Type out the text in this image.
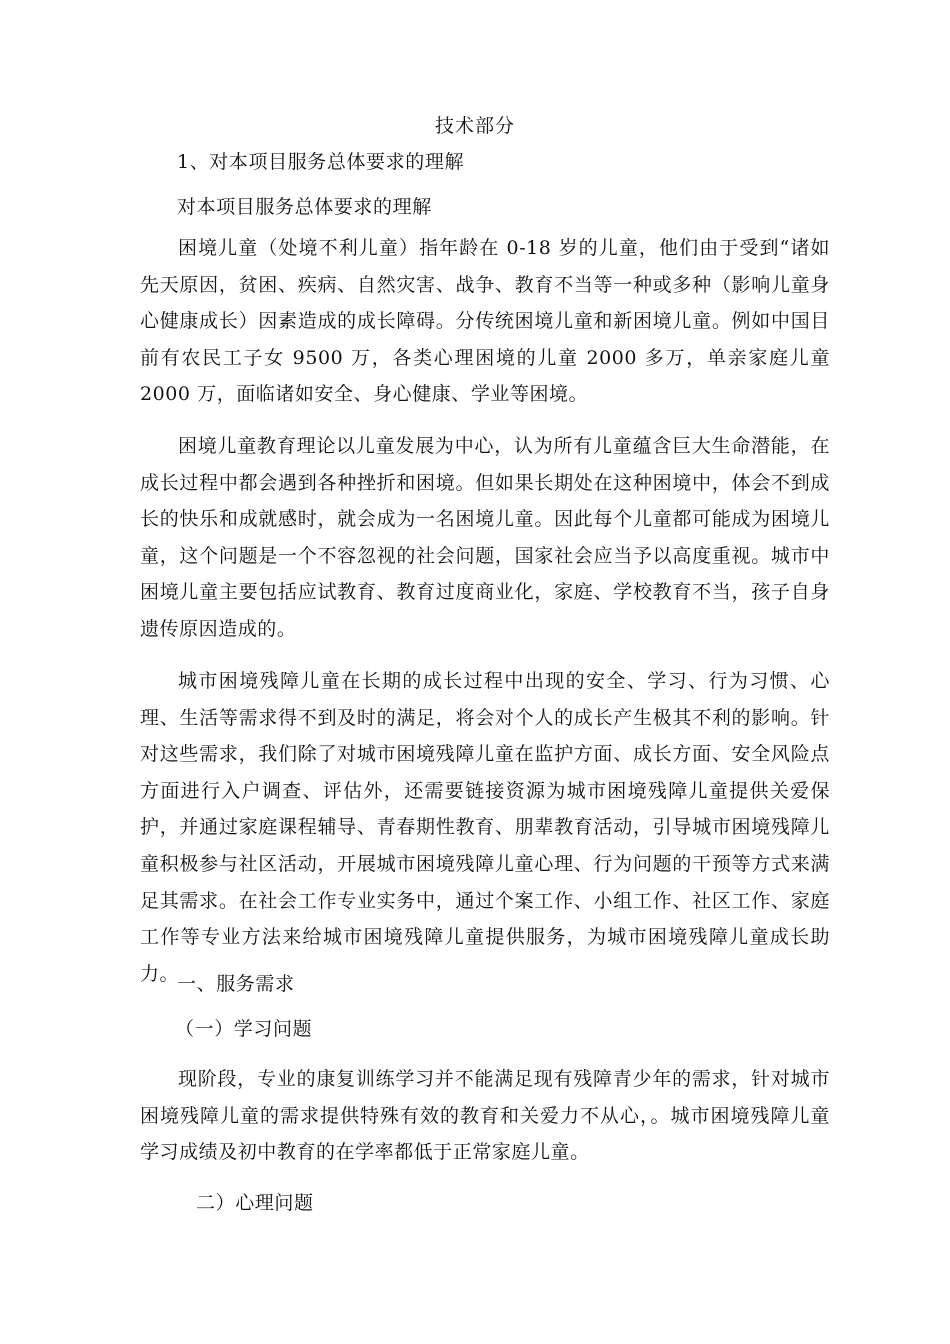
技术部分
1、对本项目服务总体要求的理解
对本项目服务总体要求的理解

困境儿童（处境不利儿童）指年龄在 0-18 岁的儿童，他们由于受到“诸如先天原因，贫困、疾病、自然灾害、战争、教育不当等一种或多种（影响儿童身心健康成长）因素造成的成长障碍。分传统困境儿童和新困境儿童。例如中国目前有农民工子女 9500 万，各类心理困境的儿童 2000 多万，单亲家庭儿童 2000 万，面临诸如安全、身心健康、学业等困境。

困境儿童教育理论以儿童发展为中心，认为所有儿童蕴含巨大生命潜能，在成长过程中都会遇到各种挫折和困境。但如果长期处在这种困境中，体会不到成长的快乐和成就感时，就会成为一名困境儿童。因此每个儿童都可能成为困境儿童，这个问题是一个不容忽视的社会问题，国家社会应当予以高度重视。城市中困境儿童主要包括应试教育、教育过度商业化，家庭、学校教育不当，孩子自身遗传原因造成的。

城市困境残障儿童在长期的成长过程中出现的安全、学习、行为习惯、心理、生活等需求得不到及时的满足，将会对个人的成长产生极其不利的影响。针对这些需求，我们除了对城市困境残障儿童在监护方面、成长方面、安全风险点方面进行入户调查、评估外，还需要链接资源为城市困境残障儿童提供关爱保护，并通过家庭课程辅导、青春期性教育、朋辈教育活动，引导城市困境残障儿童积极参与社区活动，开展城市困境残障儿童心理、行为问题的干预等方式来满足其需求。在社会工作专业实务中，通过个案工作、小组工作、社区工作、家庭工作等专业方法来给城市困境残障儿童提供服务，为城市困境残障儿童成长助力。

一、服务需求
（一）学习问题

现阶段，专业的康复训练学习并不能满足现有残障青少年的需求，针对城市困境残障儿童的需求提供特殊有效的教育和关爱力不从心，。城市困境残障儿童学习成绩及初中教育的在学率都低于正常家庭儿童。

二）心理问题
